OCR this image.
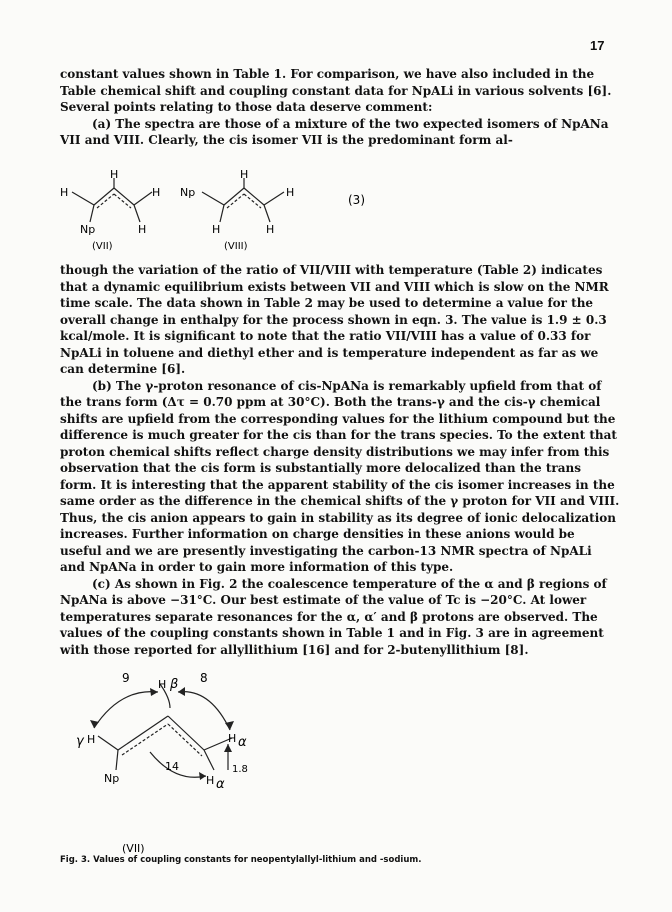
17

constant values shown in Table 1. For comparison, we have also included in the Table chemical shift and coupling constant data for NpALi in various solvents [6]. Several points relating to those data deserve comment:

(a) The spectra are those of a mixture of the two expected isomers of NpANa VII and VIII. Clearly, the cis isomer VII is the predominant form al-

H
H	H
Np	H
(VII)
H
Np	H
H	H
(VIII)
(3)

though the variation of the ratio of VII/VIII with temperature (Table 2) indicates that a dynamic equilibrium exists between VII and VIII which is slow on the NMR time scale. The data shown in Table 2 may be used to determine a value for the overall change in enthalpy for the process shown in eqn. 3. The value is 1.9 ± 0.3 kcal/mole. It is significant to note that the ratio VII/VIII has a value of 0.33 for NpALi in toluene and diethyl ether and is temperature independent as far as we can determine [6].

(b) The γ-proton resonance of cis-NpANa is remarkably upfield from that of the trans form (Δτ = 0.70 ppm at 30°C). Both the trans-γ and the cis-γ chemical shifts are upfield from the corresponding values for the lithium compound but the difference is much greater for the cis than for the trans species. To the extent that proton chemical shifts reflect charge density distributions we may infer from this observation that the cis form is substantially more delocalized than the trans form. It is interesting that the apparent stability of the cis isomer increases in the same order as the difference in the chemical shifts of the γ proton for VII and VIII. Thus, the cis anion appears to gain in stability as its degree of ionic delocalization increases. Further information on charge densities in these anions would be useful and we are presently investigating the carbon-13 NMR spectra of NpALi and NpANa in order to gain more information of this type.

(c) As shown in Fig. 2 the coalescence temperature of the α and β regions of NpANa is above −31°C. Our best estimate of the value of Tc is −20°C. At lower temperatures separate resonances for the α, α′ and β protons are observed. The values of the coupling constants shown in Table 1 and in Fig. 3 are in agreement with those reported for allyllithium [16] and for 2-butenyllithium [8].

H
H
H
H
Np
9	8
14	1.8
γ
β
α
α
(VII)
Fig. 3. Values of coupling constants for neopentylallyl-lithium and -sodium.
